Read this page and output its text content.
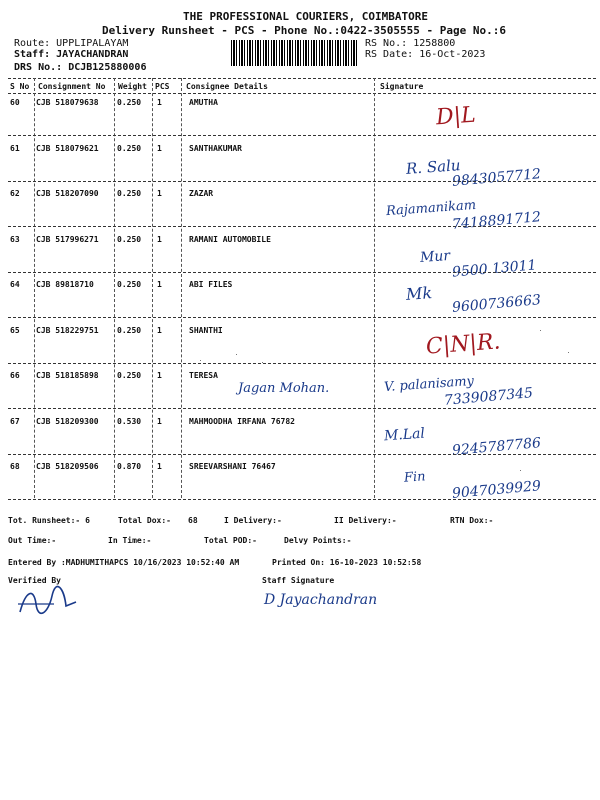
THE PROFESSIONAL COURIERS, COIMBATORE
Delivery Runsheet - PCS - Phone No.:0422-3505555 - Page No.:6
Route: UPPLIPALAYAM
Staff: JAYACHANDRAN
DRS No.: DCJB125880006
RS No.: 1258800
RS Date: 16-Oct-2023
S No Consignment No Weight PCS Consignee Details	Signature
60 CJB 518079638 0.250 1	AMUTHA
D|L
61 CJB 518079621 0.250 1	SANTHAKUMAR
R. Salu
9843057712
62 CJB 518207090 0.250 1	ZAZAR
Rajamanikam
7418891712
63 CJB 517996271 0.250 1	RAMANI AUTOMOBILE
Mur
9500 13011
64 CJB 89818710	0.250 1	ABI FILES	Mk 9600736663
65 CJB 518229751 0.250 1	SHANTHI	C|N|R.
66 CJB 518185898 0.250 1	TERESA
Jagan Mohan.	V. palanisamy
7339087345
67 CJB 518209300 0.530 1	MAHMOODHA IRFANA 76782
M.Lal
9245787786
68 CJB 518209506 0.870 1	SREEVARSHANI 76467
Fin
9047039929
Tot. Runsheet:- 6	Total Dox:- 68	I Delivery:-	II Delivery:-	RTN Dox:-
Out Time:-	In Time:-	Total POD:-	Delvy Points:-
Entered By :MADHUMITHAPCS 10/16/2023 10:52:40 AM	Printed On: 16-10-2023 10:52:58
Verified By	Staff Signature
D Jayachandran
